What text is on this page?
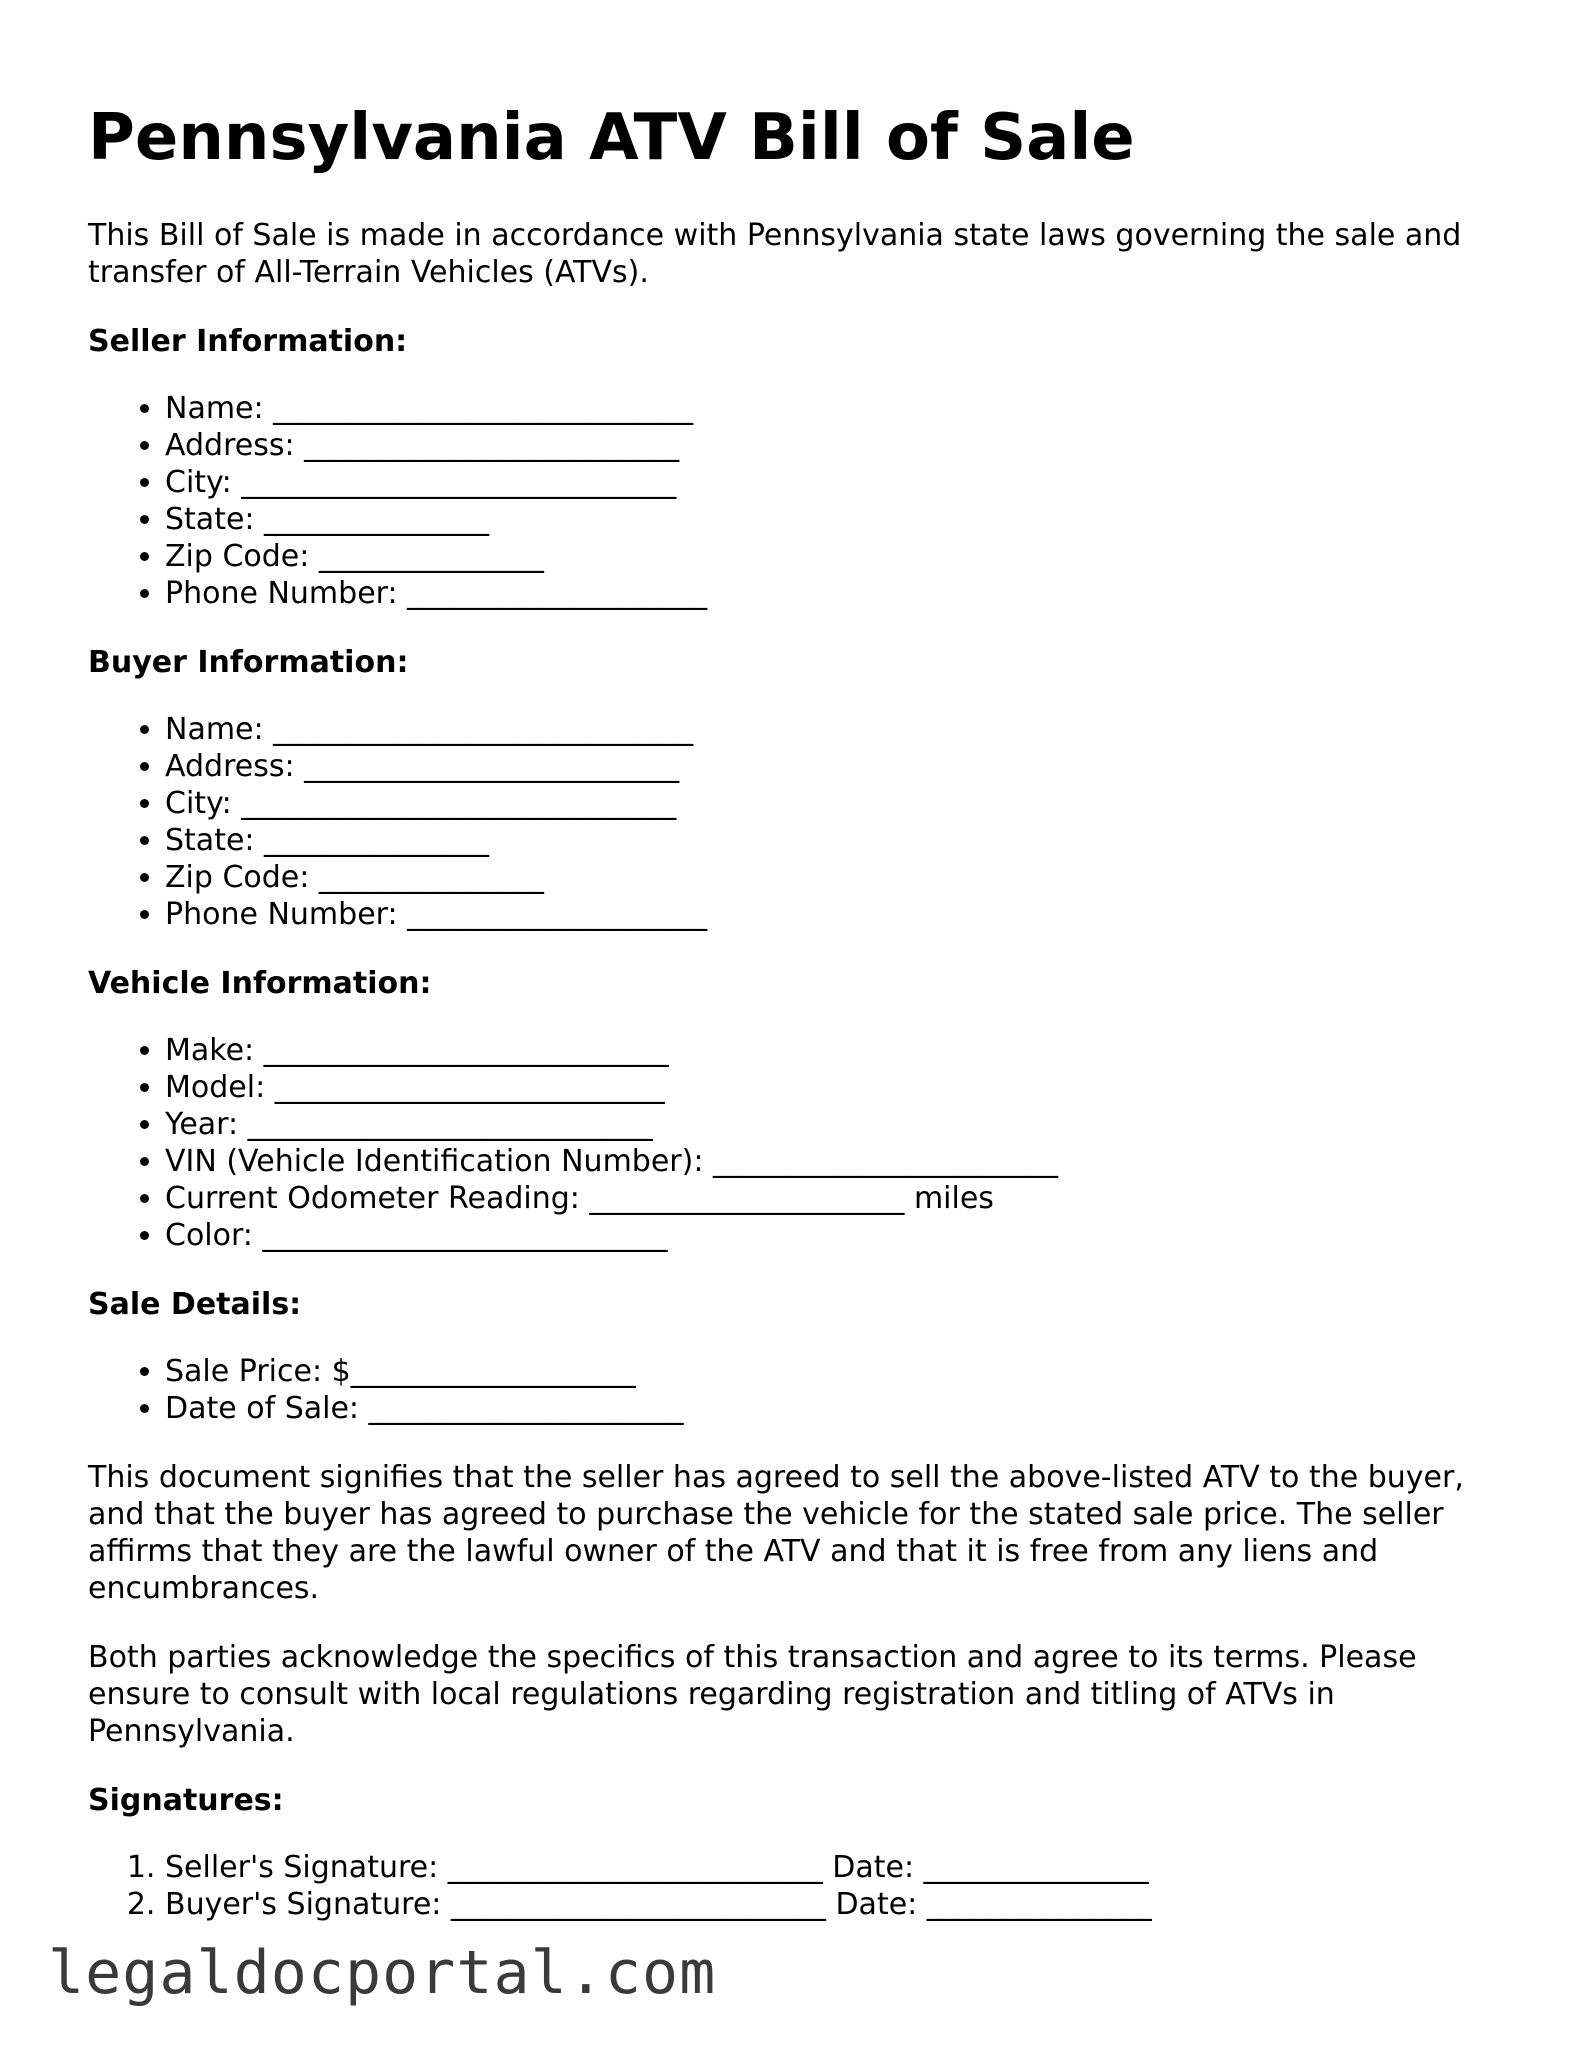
Pennsylvania ATV Bill of Sale

This Bill of Sale is made in accordance with Pennsylvania state laws governing the sale and transfer of All-Terrain Vehicles (ATVs).

Seller Information:
• Name: ____________________________
• Address: _________________________
• City: _____________________________
• State: _______________
• Zip Code: _______________
• Phone Number: ____________________
Buyer Information:
• Name: ____________________________
• Address: _________________________
• City: _____________________________
• State: _______________
• Zip Code: _______________
• Phone Number: ____________________
Vehicle Information:
• Make: ___________________________
• Model: __________________________
• Year: ___________________________
• VIN (Vehicle Identification Number): _______________________
• Current Odometer Reading: _____________________ miles
• Color: ___________________________
Sale Details:
• Sale Price: $___________________
• Date of Sale: _____________________

This document signifies that the seller has agreed to sell the above-listed ATV to the buyer, and that the buyer has agreed to purchase the vehicle for the stated sale price. The seller affirms that they are the lawful owner of the ATV and that it is free from any liens and encumbrances.

Both parties acknowledge the specifics of this transaction and agree to its terms. Please ensure to consult with local regulations regarding registration and titling of ATVs in Pennsylvania.

Signatures:
1. Seller's Signature: _________________________ Date: _______________
2. Buyer's Signature: _________________________ Date: _______________
legaldocportal.com
